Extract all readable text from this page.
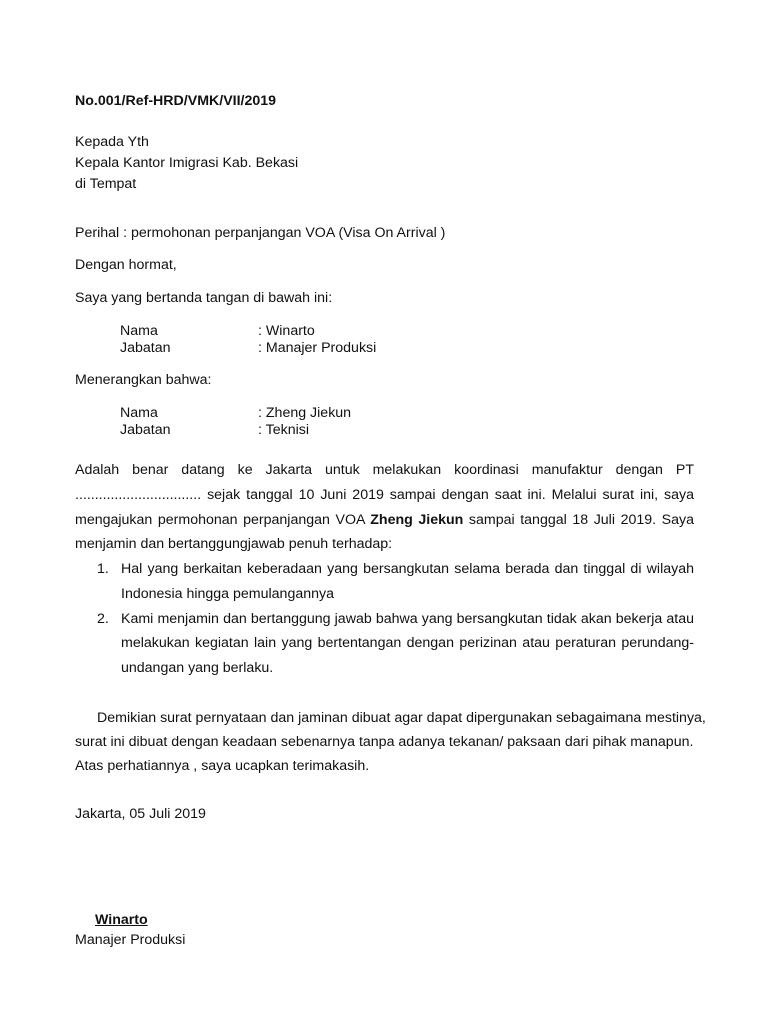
No.001/Ref-HRD/VMK/VII/2019
Kepada Yth
Kepala Kantor Imigrasi Kab. Bekasi
di Tempat
Perihal : permohonan perpanjangan VOA (Visa On Arrival )
Dengan hormat,
Saya yang bertanda tangan di bawah ini:
Nama	: Winarto
Jabatan	: Manajer Produksi
Menerangkan bahwa:
Nama	: Zheng Jiekun
Jabatan	: Teknisi
Adalah benar datang ke Jakarta untuk melakukan koordinasi manufaktur dengan PT
................................ sejak tanggal 10 Juni 2019 sampai dengan saat ini. Melalui surat ini, saya
mengajukan permohonan perpanjangan VOA Zheng Jiekun sampai tanggal 18 Juli 2019. Saya
menjamin dan bertanggungjawab penuh terhadap:
1. Hal yang berkaitan keberadaan yang bersangkutan selama berada dan tinggal di wilayah
Indonesia hingga pemulangannya
2. Kami menjamin dan bertanggung jawab bahwa yang bersangkutan tidak akan bekerja atau
melakukan kegiatan lain yang bertentangan dengan perizinan atau peraturan perundang-
undangan yang berlaku.
Demikian surat pernyataan dan jaminan dibuat agar dapat dipergunakan sebagaimana mestinya,
surat ini dibuat dengan keadaan sebenarnya tanpa adanya tekanan/ paksaan dari pihak manapun.
Atas perhatiannya , saya ucapkan terimakasih.
Jakarta, 05 Juli 2019
Winarto
Manajer Produksi
